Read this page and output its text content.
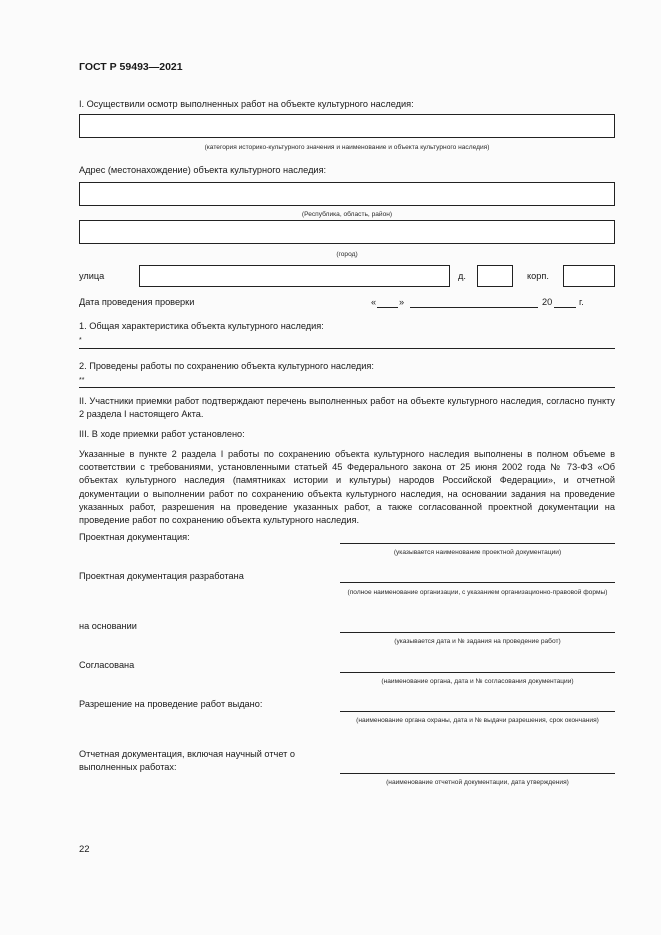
ГОСТ Р 59493—2021
I. Осуществили осмотр выполненных работ на объекте культурного наследия:
(категория историко-культурного значения и наименование и объекта культурного наследия)
Адрес (местонахождение) объекта культурного наследия:
(Республика, область, район)
(город)
улица	д.	корп.
Дата проведения проверки	« »	20	г.
1. Общая характеристика объекта культурного наследия:
*
2. Проведены работы по сохранению объекта культурного наследия:
**
II. Участники приемки работ подтверждают перечень выполненных работ на объекте культурного наследия, согласно пункту 2 раздела I настоящего Акта.
III. В ходе приемки работ установлено:
Указанные в пункте 2 раздела I работы по сохранению объекта культурного наследия выполнены в полном объеме в соответствии с требованиями, установленными статьей 45 Федерального закона от 25 июня 2002 года № 73-ФЗ «Об объектах культурного наследия (памятниках истории и культуры) народов Российской Федерации», и отчетной документации о выполнении работ по сохранению объекта культурного наследия, на основании задания на проведение указанных работ, разрешения на проведение указанных работ, а также согласованной проектной документации на проведение работ по сохранению объекта культурного наследия.
Проектная документация:
(указывается наименование проектной документации)
Проектная документация разработана
(полное наименование организации, с указанием организационно-правовой формы)
на основании
(указывается дата и № задания на проведение работ)
Согласована
(наименование органа, дата и № согласования документации)
Разрешение на проведение работ выдано:
(наименование органа охраны, дата и № выдачи разрешения, срок окончания)
Отчетная документация, включая научный отчет о выполненных работах:
(наименование отчетной документации, дата утверждения)
22
